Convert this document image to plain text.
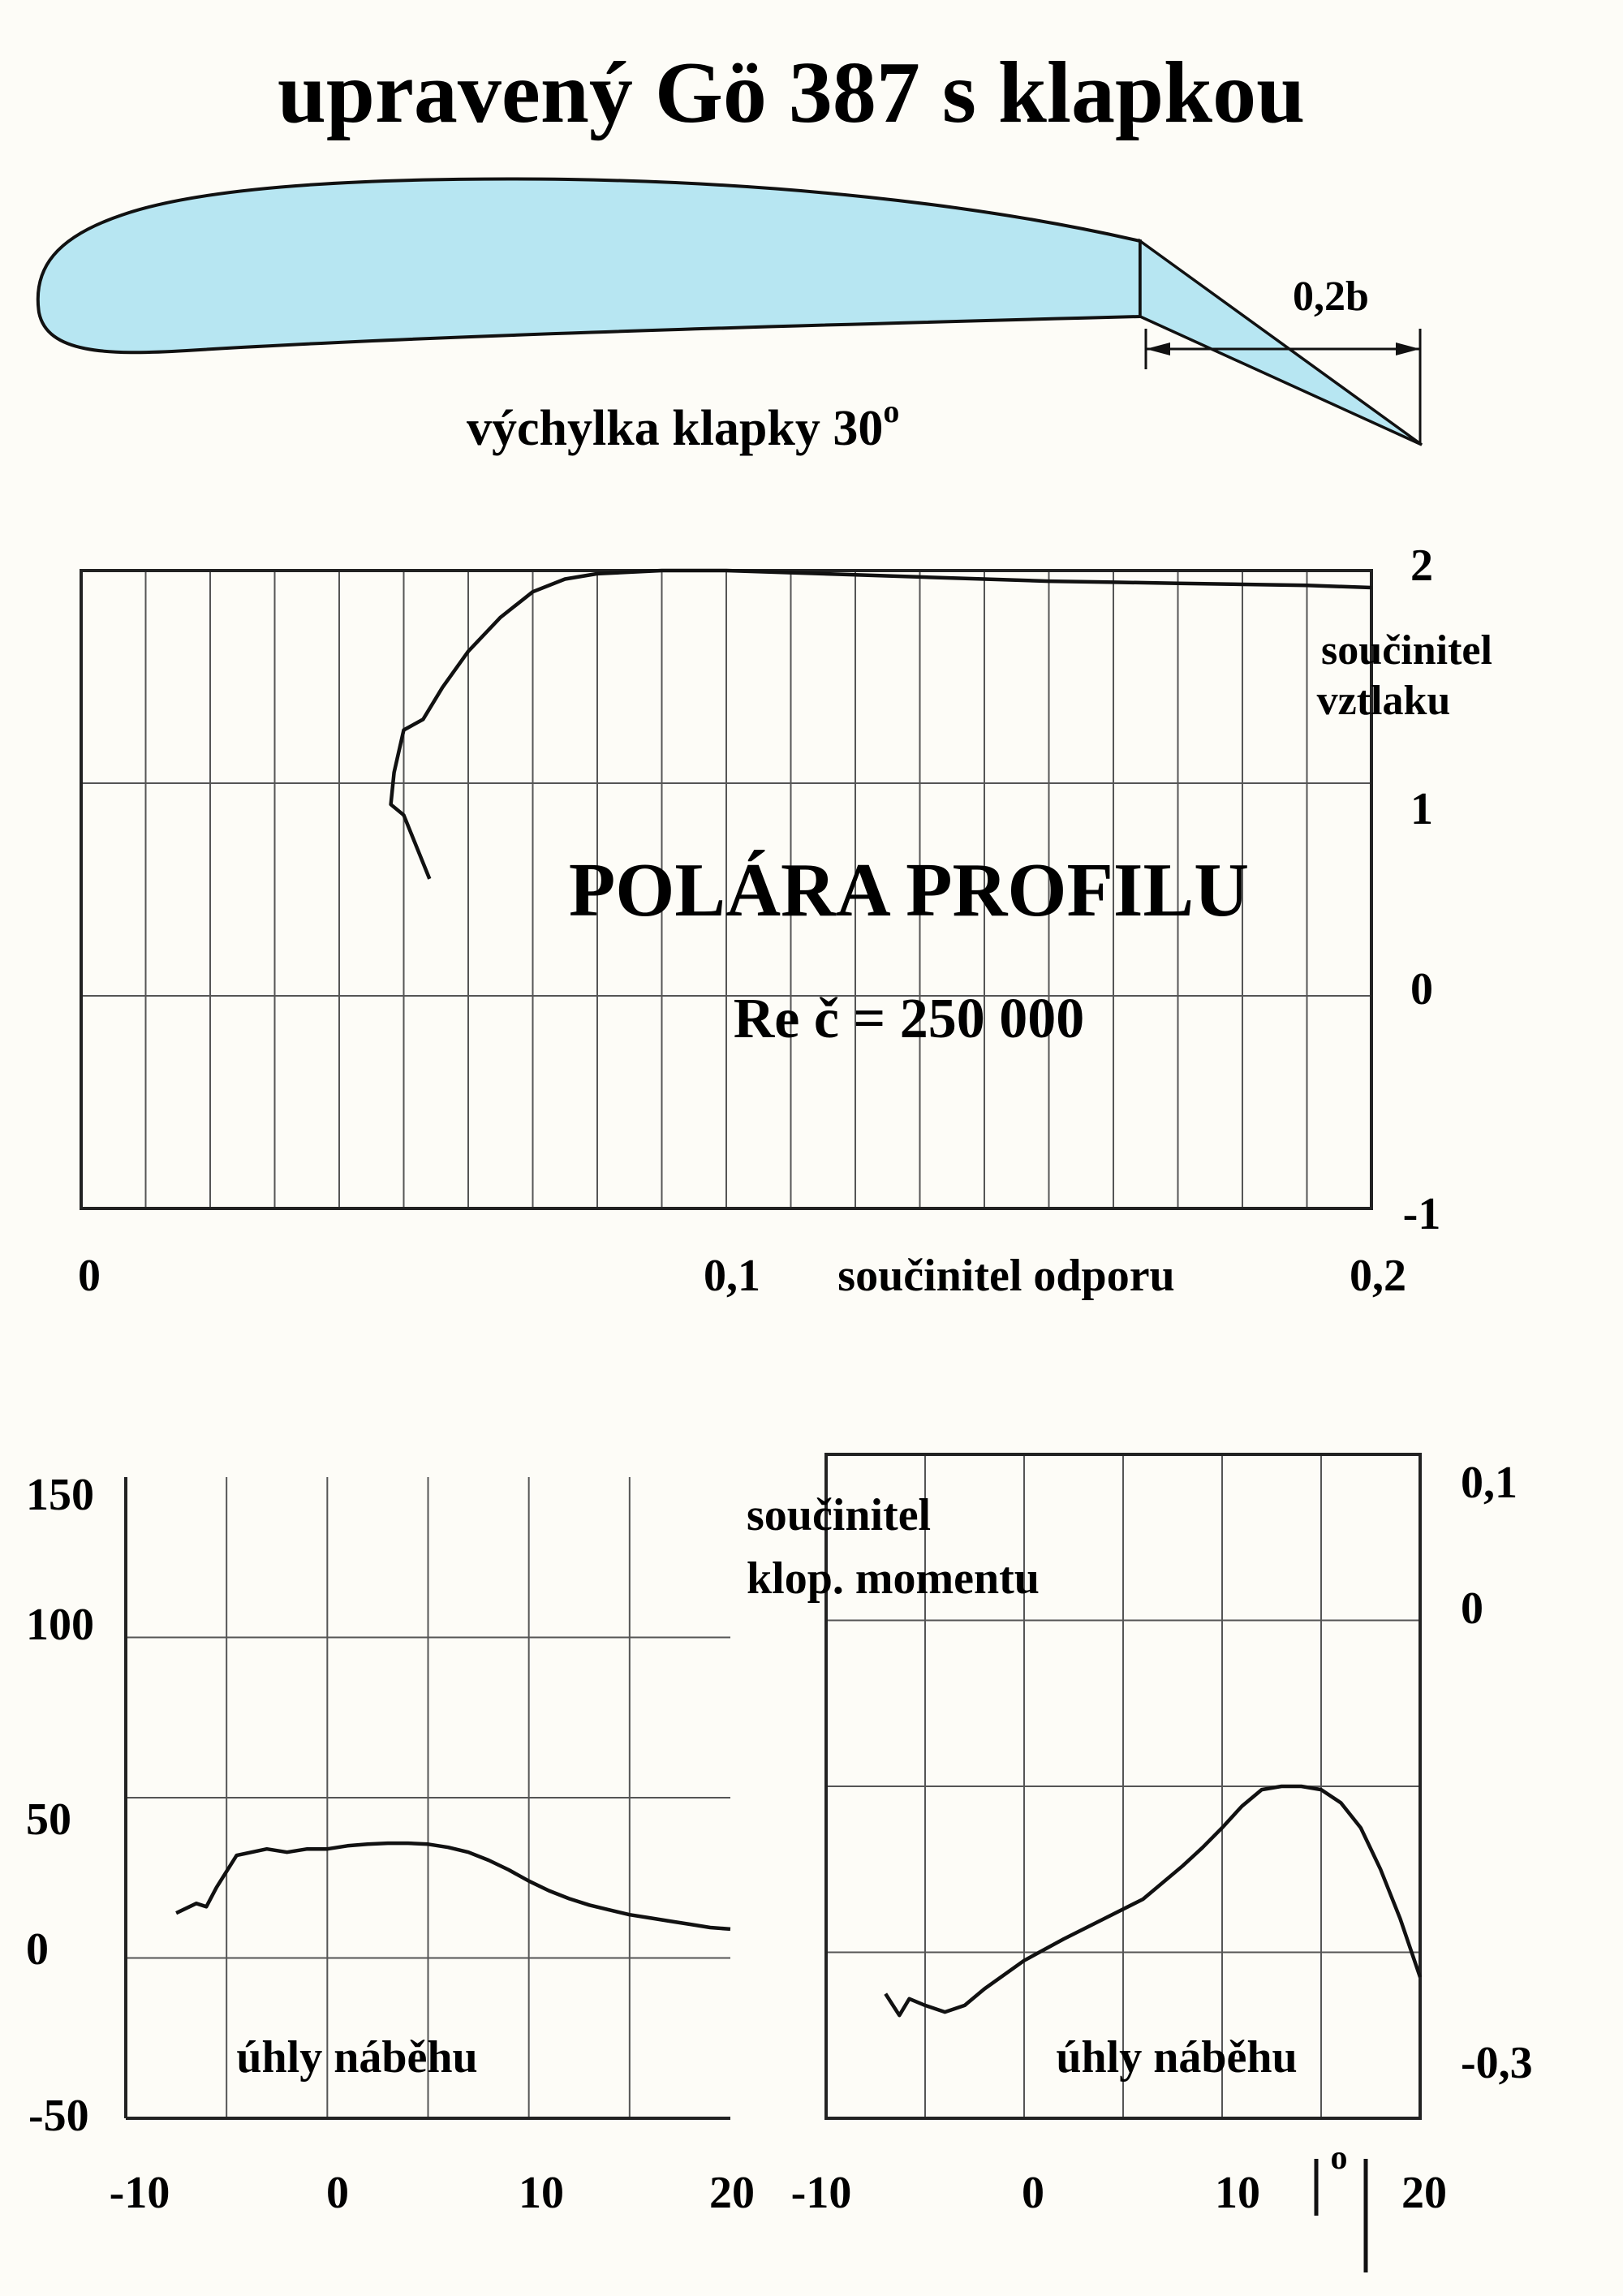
upravený Gö 387 s klapkou
0,2b
výchylka klapky 30$^o$
2
1
0
-1
0	0,1	0,2
součinitel vztlaku
POLÁRA PROFILU
Re č = 250 000
součinitel odporu
150
100
50
0
-50
-10	0	10	20
úhly náběhu
0,1
0
-0,3
-10	0	10	20
úhly náběhu
součinitel klop. momentu
o
